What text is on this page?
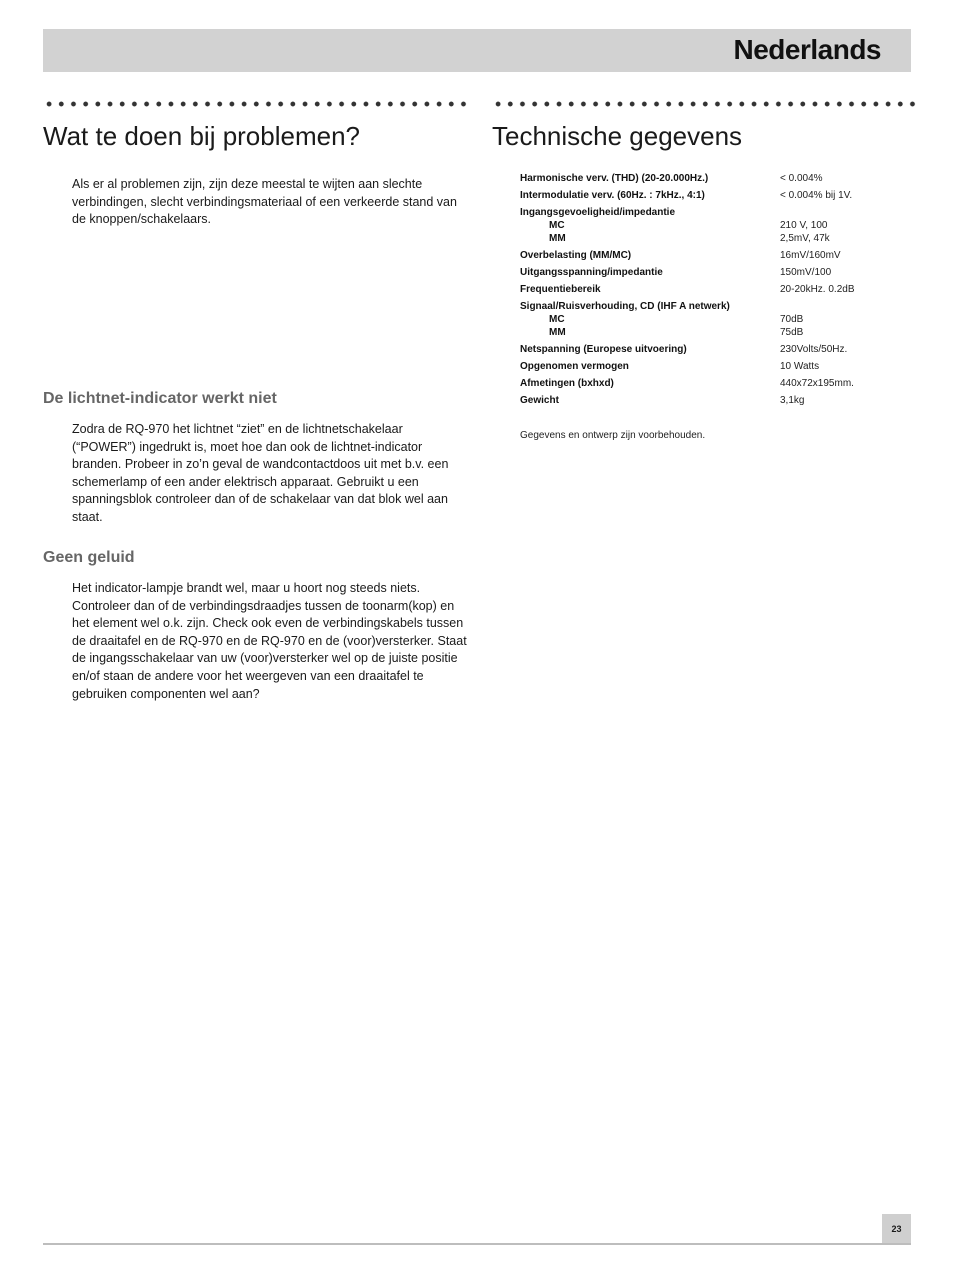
Nederlands
Wat te doen bij problemen?

Als er al problemen zijn, zijn deze meestal te wijten aan slechte verbindingen, slecht verbindingsmateriaal of een verkeerde stand van de knoppen/schakelaars.

De lichtnet-indicator werkt niet

Zodra de RQ-970 het lichtnet “ziet” en de lichtnetschakelaar (“POWER”) ingedrukt is, moet hoe dan ook de lichtnet-indicator branden. Probeer in zo’n geval de wandcontactdoos uit met b.v. een schemerlamp of een ander elektrisch apparaat. Gebruikt u een spanningsblok controleer dan of de schakelaar van dat blok wel aan staat.

Geen geluid

Het indicator-lampje brandt wel, maar u hoort nog steeds niets. Controleer dan of de verbindingsdraadjes tussen de toonarm(kop) en het element wel o.k. zijn. Check ook even de verbindingskabels tussen de draaitafel en de RQ-970 en de RQ-970 en de (voor)versterker. Staat de ingangsschakelaar van uw (voor)versterker wel op de juiste positie en/of staan de andere voor het weergeven van een draaitafel te gebruiken componenten wel aan?

Technische gegevens
Harmonische verv. (THD) (20-20.000Hz.)	< 0.004%
Intermodulatie verv. (60Hz. : 7kHz., 4:1)	< 0.004% bij 1V.
Ingangsgevoeligheid/impedantie
MC	210 V, 100
MM	2,5mV, 47k
Overbelasting (MM/MC)	16mV/160mV
Uitgangsspanning/impedantie	150mV/100
Frequentiebereik	20-20kHz. 0.2dB
Signaal/Ruisverhouding, CD (IHF A netwerk)
MC	70dB
MM	75dB
Netspanning (Europese uitvoering)	230Volts/50Hz.
Opgenomen vermogen	10 Watts
Afmetingen (bxhxd)	440x72x195mm.
Gewicht	3,1kg
Gegevens en ontwerp zijn voorbehouden.
23
